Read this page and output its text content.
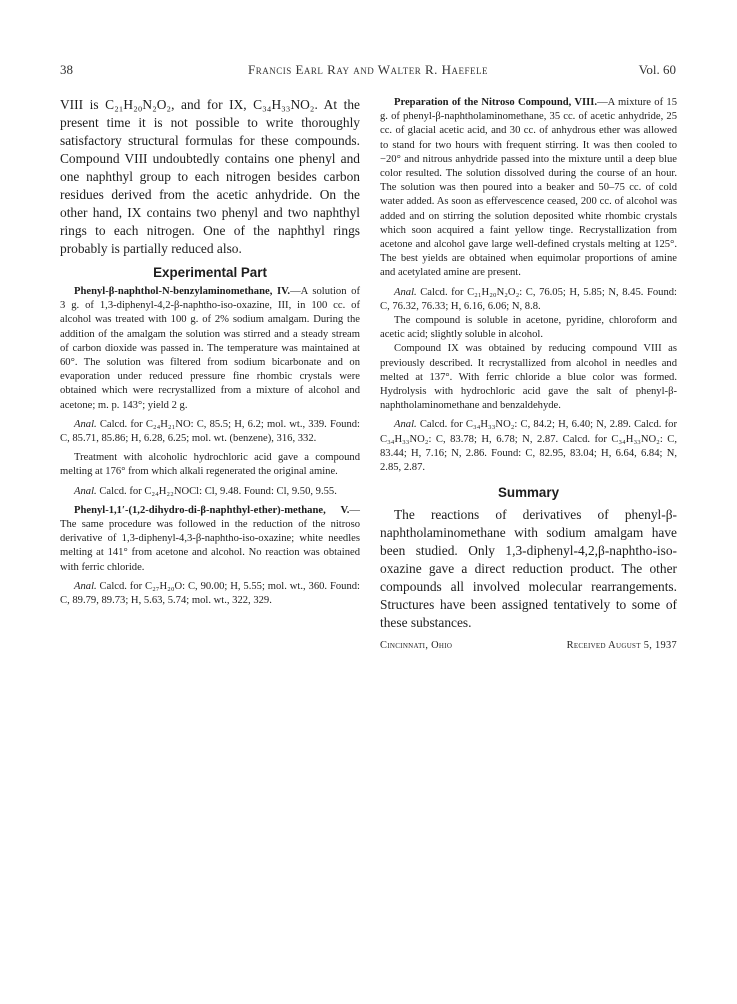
38	Francis Earl Ray and Walter R. Haefele	Vol. 60

VIII is C₂₁H₂₀N₂O₂, and for IX, C₃₄H₃₃NO₂. At the present time it is not possible to write thoroughly satisfactory structural formulas for these compounds. Compound VIII undoubtedly contains one phenyl and one naphthyl group to each nitrogen besides carbon residues derived from the acetic anhydride. On the other hand, IX contains two phenyl and two naphthyl rings to each nitrogen. One of the naphthyl rings probably is partially reduced also.

Experimental Part

Phenyl-β-naphthol-N-benzylaminomethane, IV.—A solution of 3 g. of 1,3-diphenyl-4,2-β-naphtho-iso-oxazine, III, in 100 cc. of alcohol was treated with 100 g. of 2% sodium amalgam. During the addition of the amalgam the solution was stirred and a steady stream of carbon dioxide was passed in. The temperature was maintained at 60°. The solution was filtered from sodium bicarbonate and on evaporation under reduced pressure fine rhombic crystals were obtained which were recrystallized from a mixture of alcohol and acetone; m. p. 143°; yield 2 g.

Anal. Calcd. for C₂₄H₂₁NO: C, 85.5; H, 6.2; mol. wt., 339. Found: C, 85.71, 85.86; H, 6.28, 6.25; mol. wt. (benzene), 316, 332.

Treatment with alcoholic hydrochloric acid gave a compound melting at 176° from which alkali regenerated the original amine.

Anal. Calcd. for C₂₄H₂₂NOCl: Cl, 9.48. Found: Cl, 9.50, 9.55.

Phenyl-1,1′-(1,2-dihydro-di-β-naphthyl-ether)-methane, V.—The same procedure was followed in the reduction of the nitroso derivative of 1,3-diphenyl-4,3-β-naphtho-iso-oxazine; white needles melting at 141° from acetone and alcohol. No reaction was obtained with ferric chloride.

Anal. Calcd. for C₂₇H₂₀O: C, 90.00; H, 5.55; mol. wt., 360. Found: C, 89.79, 89.73; H, 5.63, 5.74; mol. wt., 322, 329.

Preparation of the Nitroso Compound, VIII.—A mixture of 15 g. of phenyl-β-naphtholaminomethane, 35 cc. of acetic anhydride, 25 cc. of glacial acetic acid, and 30 cc. of anhydrous ether was allowed to stand for two hours with frequent stirring. It was then cooled to −20° and nitrous anhydride passed into the mixture until a deep blue color resulted. The solution dissolved during the course of an hour. The solution was then poured into a beaker and 50–75 cc. of cold water added. As soon as effervescence ceased, 200 cc. of alcohol was added and on stirring the solution deposited white rhombic crystals which soon acquired a faint yellow tinge. Recrystallization from acetone and alcohol gave large well-defined crystals melting at 125°. The best yields are obtained when equimolar proportions of amine and acetylated amine are present.

Anal. Calcd. for C₂₁H₂₀N₂O₂: C, 76.05; H, 5.85; N, 8.45. Found: C, 76.32, 76.33; H, 6.16, 6.06; N, 8.8.

The compound is soluble in acetone, pyridine, chloroform and acetic acid; slightly soluble in alcohol.

Compound IX was obtained by reducing compound VIII as previously described. It recrystallized from alcohol in needles and melted at 137°. With ferric chloride a blue color was formed. Hydrolysis with hydrochloric acid gave the salt of phenyl-β-naphtholaminomethane and benzaldehyde.

Anal. Calcd. for C₃₄H₃₃NO₂: C, 84.2; H, 6.40; N, 2.89. Calcd. for C₃₄H₃₃NO₂: C, 83.78; H, 6.78; N, 2.87. Calcd. for C₃₄H₃₃NO₂: C, 83.44; H, 7.16; N, 2.86. Found: C, 82.95, 83.04; H, 6.64, 6.84; N, 2.85, 2.87.

Summary

The reactions of derivatives of phenyl-β-naphtholaminomethane with sodium amalgam have been studied. Only 1,3-diphenyl-4,2,β-naphtho-iso-oxazine gave a direct reduction product. The other compounds all involved molecular rearrangements. Structures have been assigned tentatively to some of these substances.

Cincinnati, Ohio	Received August 5, 1937
